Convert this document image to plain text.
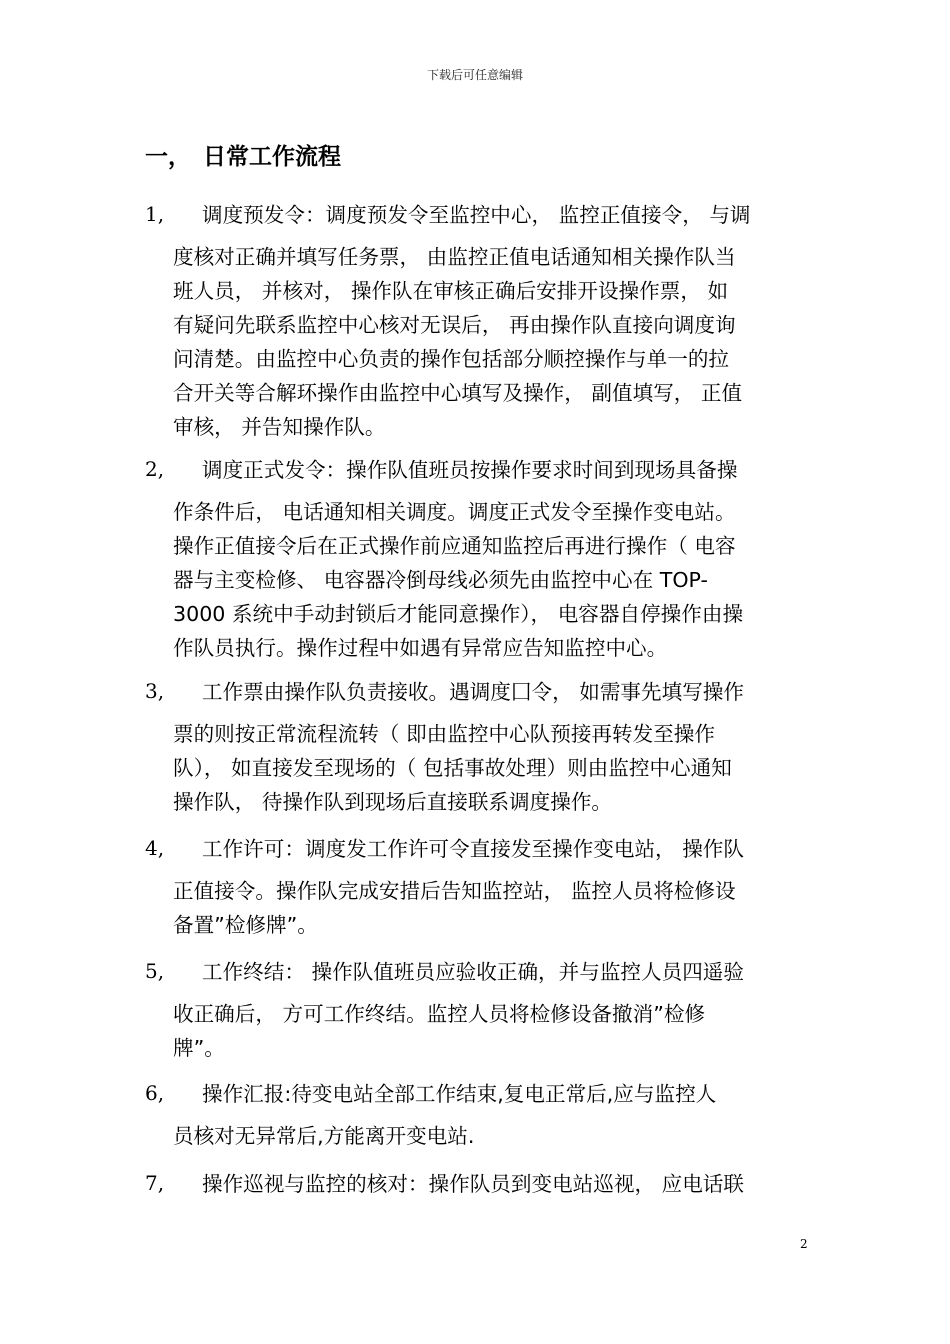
下载后可任意编辑
一， 日常工作流程
1,	调度预发令：调度预发令至监控中心， 监控正值接令， 与调
度核对正确并填写任务票， 由监控正值电话通知相关操作队当
班人员， 并核对， 操作队在审核正确后安排开设操作票， 如
有疑问先联系监控中心核对无误后， 再由操作队直接向调度询
问清楚。由监控中心负责的操作包括部分顺控操作与单一的拉
合开关等合解环操作由监控中心填写及操作， 副值填写， 正值
审核， 并告知操作队。
2,	调度正式发令：操作队值班员按操作要求时间到现场具备操
作条件后， 电话通知相关调度。调度正式发令至操作变电站。
操作正值接令后在正式操作前应通知监控后再进行操作（ 电容
器与主变检修、 电容器冷倒母线必须先由监控中心在 TOP-
3000 系统中手动封锁后才能同意操作）， 电容器自停操作由操
作队员执行。操作过程中如遇有异常应告知监控中心。
3,	工作票由操作队负责接收。遇调度囗令， 如需事先填写操作
票的则按正常流程流转（ 即由监控中心队预接再转发至操作
队）， 如直接发至现场的（ 包括事故处理）则由监控中心通知
操作队， 待操作队到现场后直接联系调度操作。
4,	工作许可：调度发工作许可令直接发至操作变电站， 操作队
正值接令。操作队完成安措后告知监控站， 监控人员将检修设
备置”检修牌”。
5,	工作终结： 操作队值班员应验收正确，并与监控人员四遥验
收正确后， 方可工作终结。监控人员将检修设备撤消”检修
牌”。
6,	操作汇报:待变电站全部工作结束,复电正常后,应与监控人
员核对无异常后,方能离开变电站.
7,	操作巡视与监控的核对：操作队员到变电站巡视， 应电话联
2
